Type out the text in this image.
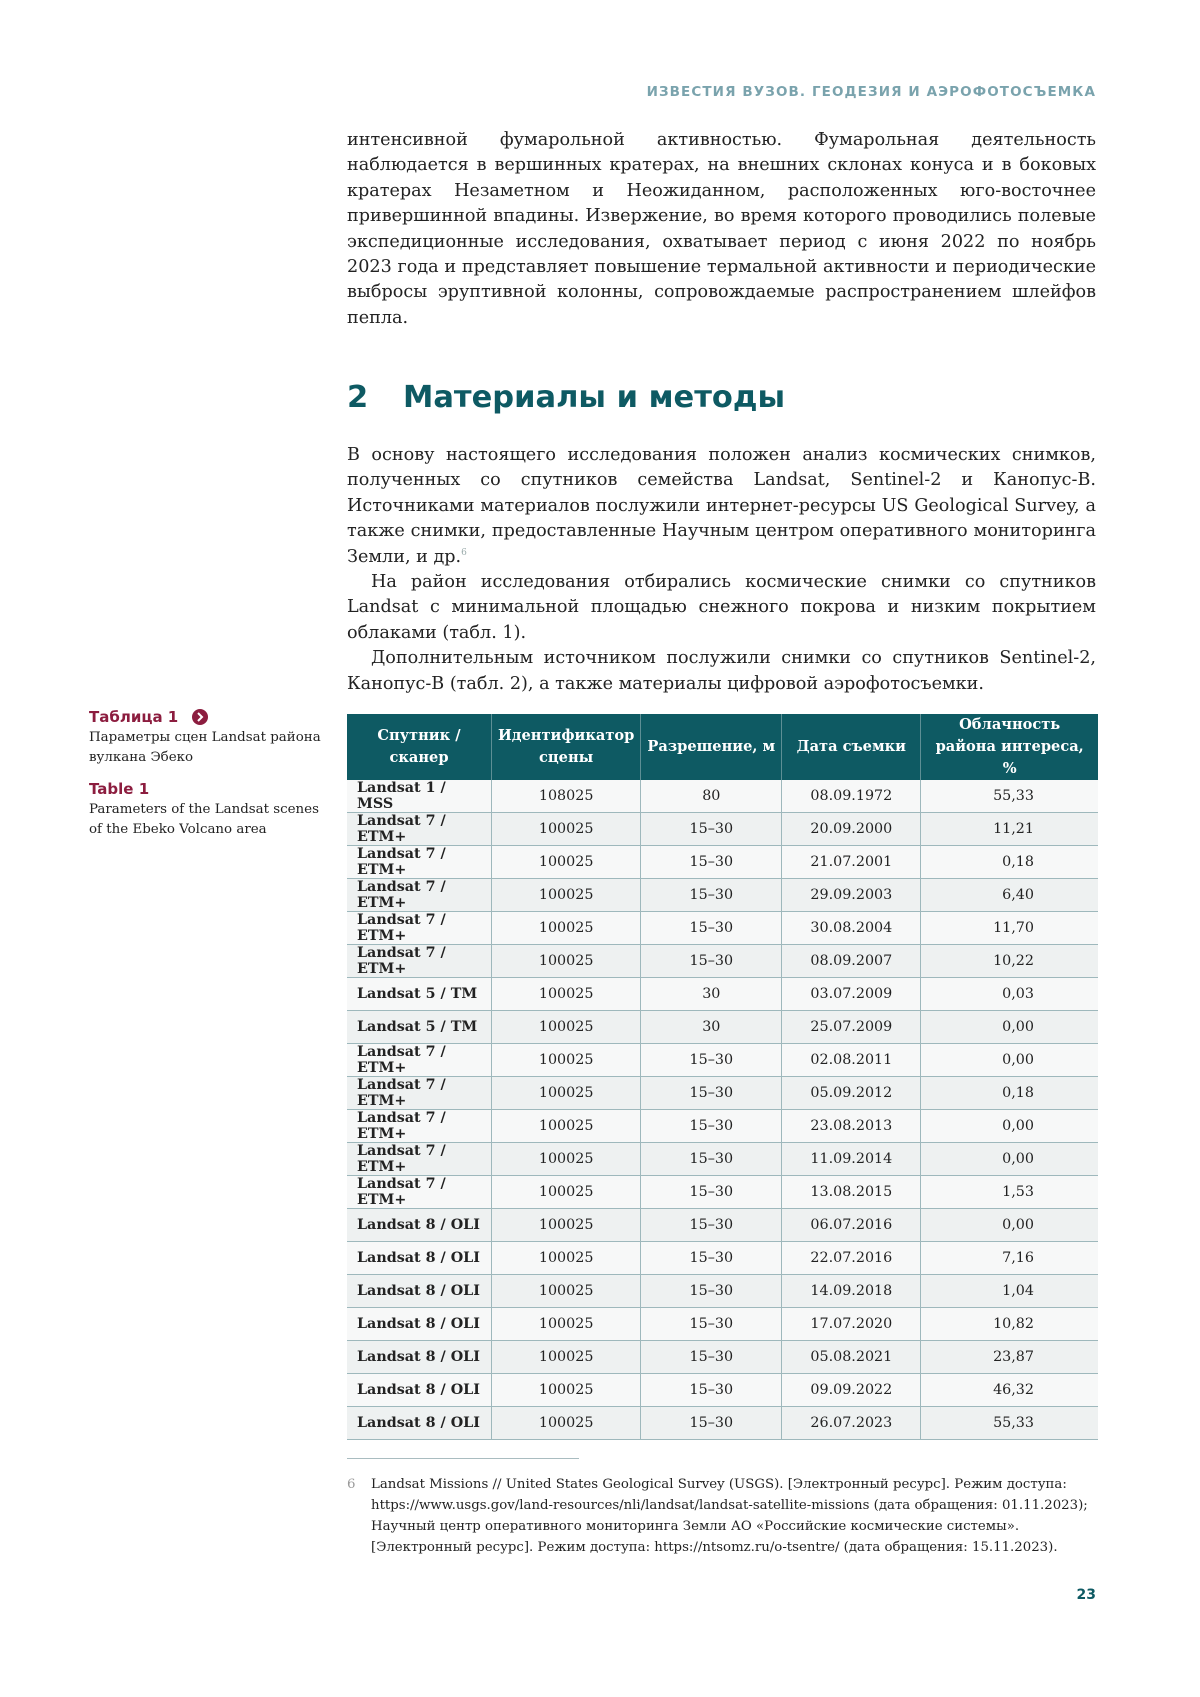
ИЗВЕСТИЯ ВУЗОВ. ГЕОДЕЗИЯ И АЭРОФОТОСЪЕМКА

интенсивной фумарольной активностью. Фумарольная деятельность наблюдается в вершинных кратерах, на внешних склонах конуса и в боковых кратерах Незаметном и Неожиданном, расположенных юго-восточнее привершинной впадины. Извержение, во время которого проводились полевые экспедиционные исследования, охватывает период с июня 2022 по ноябрь 2023 года и представляет повышение термальной активности и периодические выбросы эруптивной колонны, сопровождаемые распространением шлейфов пепла.

2 Материалы и методы

В основу настоящего исследования положен анализ космических снимков, полученных со спутников семейства Landsat, Sentinel-2 и Канопус-В. Источниками материалов послужили интернет-ресурсы US Geological Survey, а также снимки, предоставленные Научным центром оперативного мониторинга Земли, и др.$^6$

На район исследования отбирались космические снимки со спутников Landsat с минимальной площадью снежного покрова и низким покрытием облаками (табл. 1).

Дополнительным источником послужили снимки со спутников Sentinel-2, Канопус-В (табл. 2), а также материалы цифровой аэрофотосъемки.

Таблица 1
Параметры сцен Landsat района вулкана Эбеко
Table 1
Parameters of the Landsat scenes of the Ebeko Volcano area
Спутник / сканер	Идентификатор сцены	Разрешение, м	Дата съемки	Облачность района интереса, %
Landsat 1 / MSS	108025	80	08.09.1972	55,33
Landsat 7 / ETM+	100025	15–30	20.09.2000	11,21
Landsat 7 / ETM+	100025	15–30	21.07.2001	0,18
Landsat 7 / ETM+	100025	15–30	29.09.2003	6,40
Landsat 7 / ETM+	100025	15–30	30.08.2004	11,70
Landsat 7 / ETM+	100025	15–30	08.09.2007	10,22
Landsat 5 / TM	100025	30	03.07.2009	0,03
Landsat 5 / TM	100025	30	25.07.2009	0,00
Landsat 7 / ETM+	100025	15–30	02.08.2011	0,00
Landsat 7 / ETM+	100025	15–30	05.09.2012	0,18
Landsat 7 / ETM+	100025	15–30	23.08.2013	0,00
Landsat 7 / ETM+	100025	15–30	11.09.2014	0,00
Landsat 7 / ETM+	100025	15–30	13.08.2015	1,53
Landsat 8 / OLI	100025	15–30	06.07.2016	0,00
Landsat 8 / OLI	100025	15–30	22.07.2016	7,16
Landsat 8 / OLI	100025	15–30	14.09.2018	1,04
Landsat 8 / OLI	100025	15–30	17.07.2020	10,82
Landsat 8 / OLI	100025	15–30	05.08.2021	23,87
Landsat 8 / OLI	100025	15–30	09.09.2022	46,32
Landsat 8 / OLI	100025	15–30	26.07.2023	55,33
6	Landsat Missions // United States Geological Survey (USGS). [Электронный ресурс]. Режим доступа: https://www.usgs.gov/land-resources/nli/landsat/landsat-satellite-missions (дата обращения: 01.11.2023); Научный центр оперативного мониторинга Земли АО «Российские космические системы». [Электронный ресурс]. Режим доступа: https://ntsomz.ru/o-tsentre/ (дата обращения: 15.11.2023).
23
